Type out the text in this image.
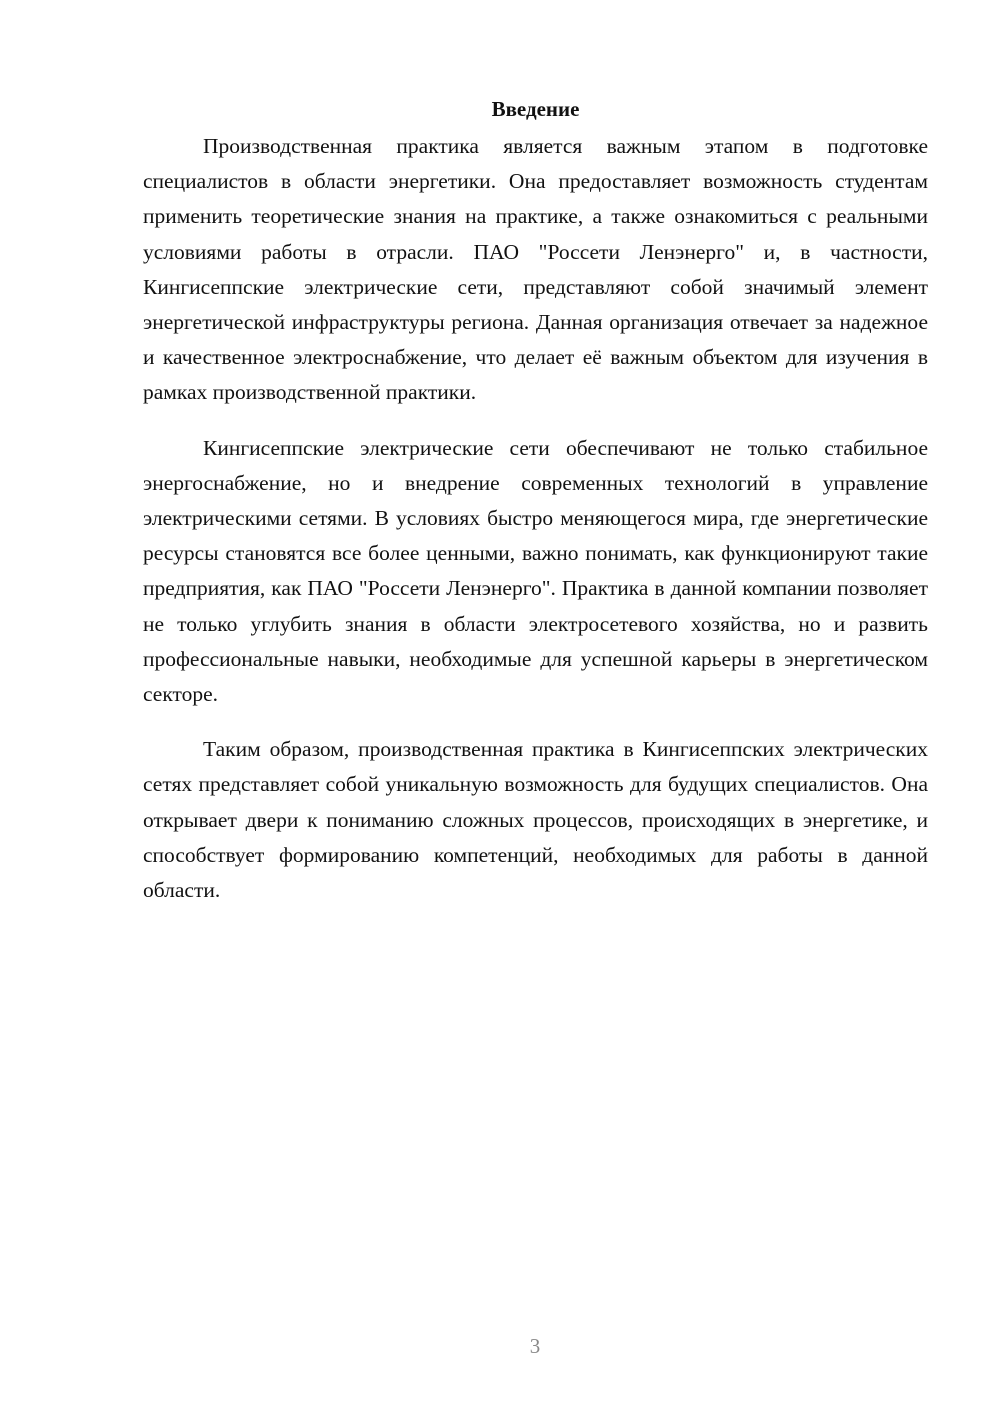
Введение

Производственная практика является важным этапом в подготовке специалистов в области энергетики. Она предоставляет возможность студентам применить теоретические знания на практике, а также ознакомиться с реальными условиями работы в отрасли. ПАО "Россети Ленэнерго" и, в частности, Кингисеппские электрические сети, представляют собой значимый элемент энергетической инфраструктуры региона. Данная организация отвечает за надежное и качественное электроснабжение, что делает её важным объектом для изучения в рамках производственной практики.

Кингисеппские электрические сети обеспечивают не только стабильное энергоснабжение, но и внедрение современных технологий в управление электрическими сетями. В условиях быстро меняющегося мира, где энергетические ресурсы становятся все более ценными, важно понимать, как функционируют такие предприятия, как ПАО "Россети Ленэнерго". Практика в данной компании позволяет не только углубить знания в области электросетевого хозяйства, но и развить профессиональные навыки, необходимые для успешной карьеры в энергетическом секторе.

Таким образом, производственная практика в Кингисеппских электрических сетях представляет собой уникальную возможность для будущих специалистов. Она открывает двери к пониманию сложных процессов, происходящих в энергетике, и способствует формированию компетенций, необходимых для работы в данной области.

3
